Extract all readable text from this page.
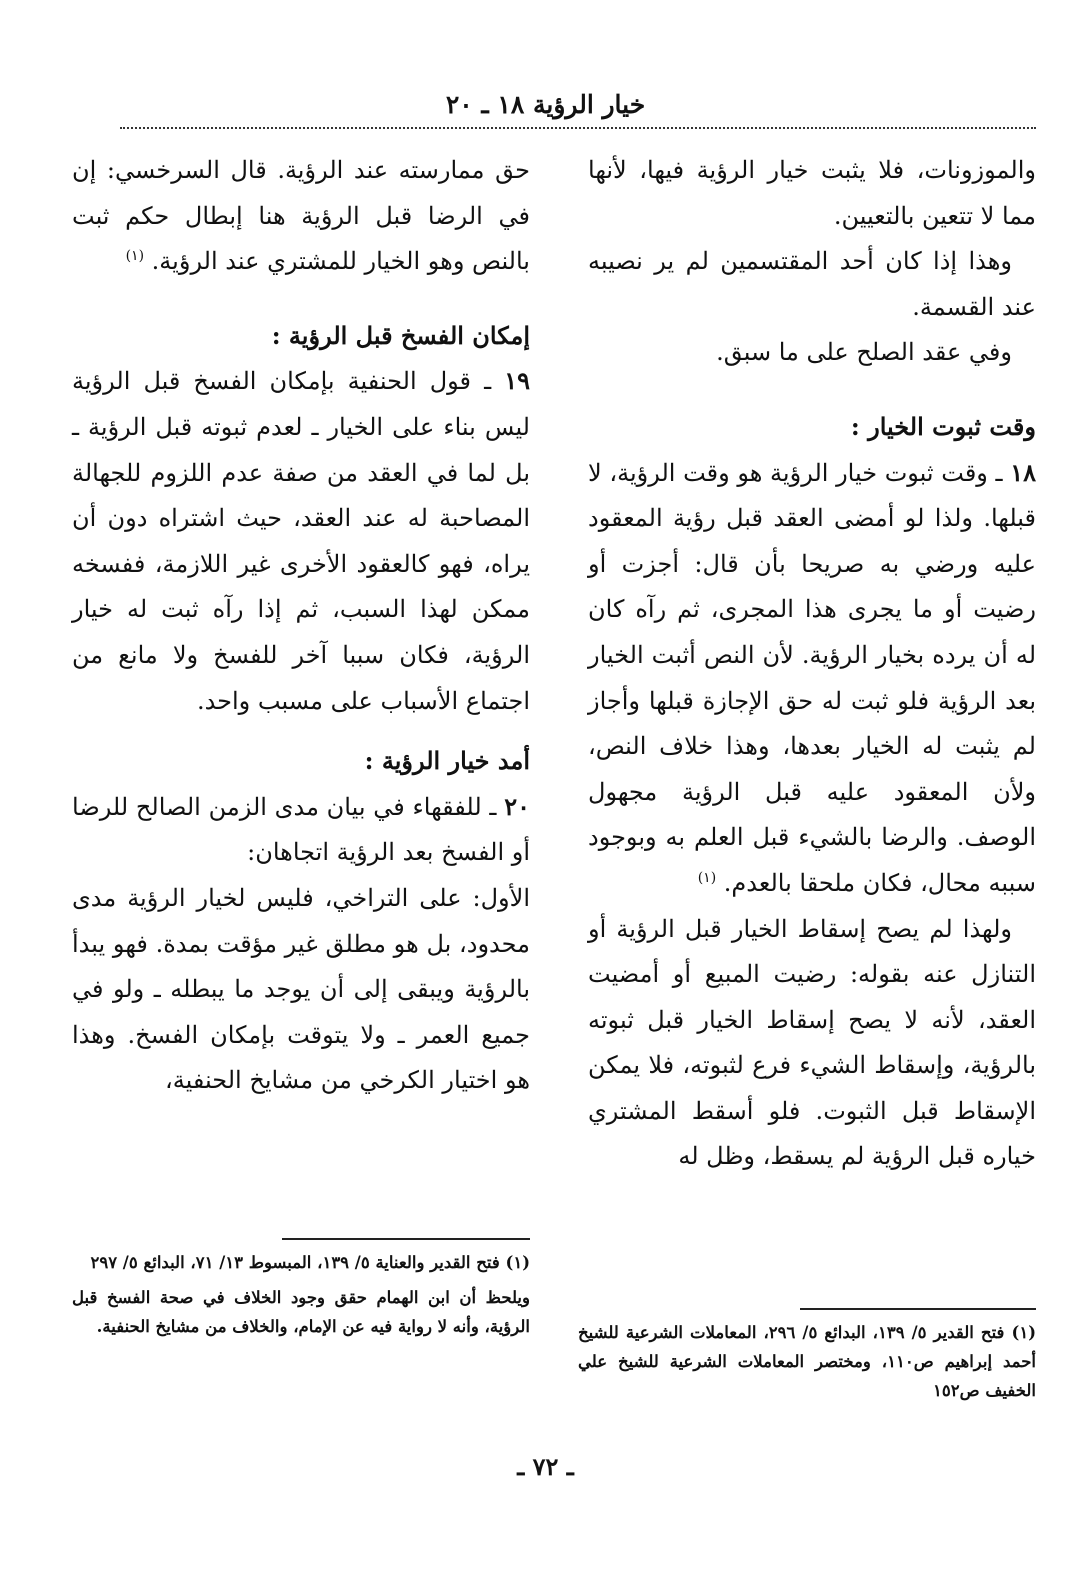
خيار الرؤية ١٨ ـ ٢٠

والموزونات، فلا يثبت خيار الرؤية فيها، لأنها مما لا تتعين بالتعيين.

وهذا إذا كان أحد المقتسمين لم ير نصيبه عند القسمة.

وفي عقد الصلح على ما سبق.

وقت ثبوت الخيار :

١٨ ـ وقت ثبوت خيار الرؤية هو وقت الرؤية، لا قبلها. ولذا لو أمضى العقد قبل رؤية المعقود عليه ورضي به صريحا بأن قال: أجزت أو رضيت أو ما يجرى هذا المجرى، ثم رآه كان له أن يرده بخيار الرؤية. لأن النص أثبت الخيار بعد الرؤية فلو ثبت له حق الإجازة قبلها وأجاز لم يثبت له الخيار بعدها، وهذا خلاف النص، ولأن المعقود عليه قبل الرؤية مجهول الوصف. والرضا بالشيء قبل العلم به وبوجود سببه محال، فكان ملحقا بالعدم. $^{(١)}$

ولهذا لم يصح إسقاط الخيار قبل الرؤية أو التنازل عنه بقوله: رضيت المبيع أو أمضيت العقد، لأنه لا يصح إسقاط الخيار قبل ثبوته بالرؤية، وإسقاط الشيء فرع لثبوته، فلا يمكن الإسقاط قبل الثبوت. فلو أسقط المشتري خياره قبل الرؤية لم يسقط، وظل له

حق ممارسته عند الرؤية. قال السرخسي: إن في الرضا قبل الرؤية هنا إبطال حكم ثبت بالنص وهو الخيار للمشتري عند الرؤية. $^{(١)}$

إمكان الفسخ قبل الرؤية :

١٩ ـ قول الحنفية بإمكان الفسخ قبل الرؤية ليس بناء على الخيار ـ لعدم ثبوته قبل الرؤية ـ بل لما في العقد من صفة عدم اللزوم للجهالة المصاحبة له عند العقد، حيث اشتراه دون أن يراه، فهو كالعقود الأخرى غير اللازمة، ففسخه ممكن لهذا السبب، ثم إذا رآه ثبت له خيار الرؤية، فكان سببا آخر للفسخ ولا مانع من اجتماع الأسباب على مسبب واحد.

أمد خيار الرؤية :

٢٠ ـ للفقهاء في بيان مدى الزمن الصالح للرضا أو الفسخ بعد الرؤية اتجاهان:

الأول: على التراخي، فليس لخيار الرؤية مدى محدود، بل هو مطلق غير مؤقت بمدة. فهو يبدأ بالرؤية ويبقى إلى أن يوجد ما يبطله ـ ولو في جميع العمر ـ ولا يتوقت بإمكان الفسخ. وهذا هو اختيار الكرخي من مشايخ الحنفية،

(١) فتح القدير ٥/ ١٣٩، البدائع ٥/ ٢٩٦، المعاملات الشرعية للشيخ أحمد إبراهيم ص١١٠، ومختصر المعاملات الشرعية للشيخ علي الخفيف ص١٥٢

(١) فتح القدير والعناية ٥/ ١٣٩، المبسوط ١٣/ ٧١، البدائع ٥/ ٢٩٧

ويلحظ أن ابن الهمام حقق وجود الخلاف في صحة الفسخ قبل الرؤية، وأنه لا رواية فيه عن الإمام، والخلاف من مشايخ الحنفية.

ـ ٧٢ ـ
